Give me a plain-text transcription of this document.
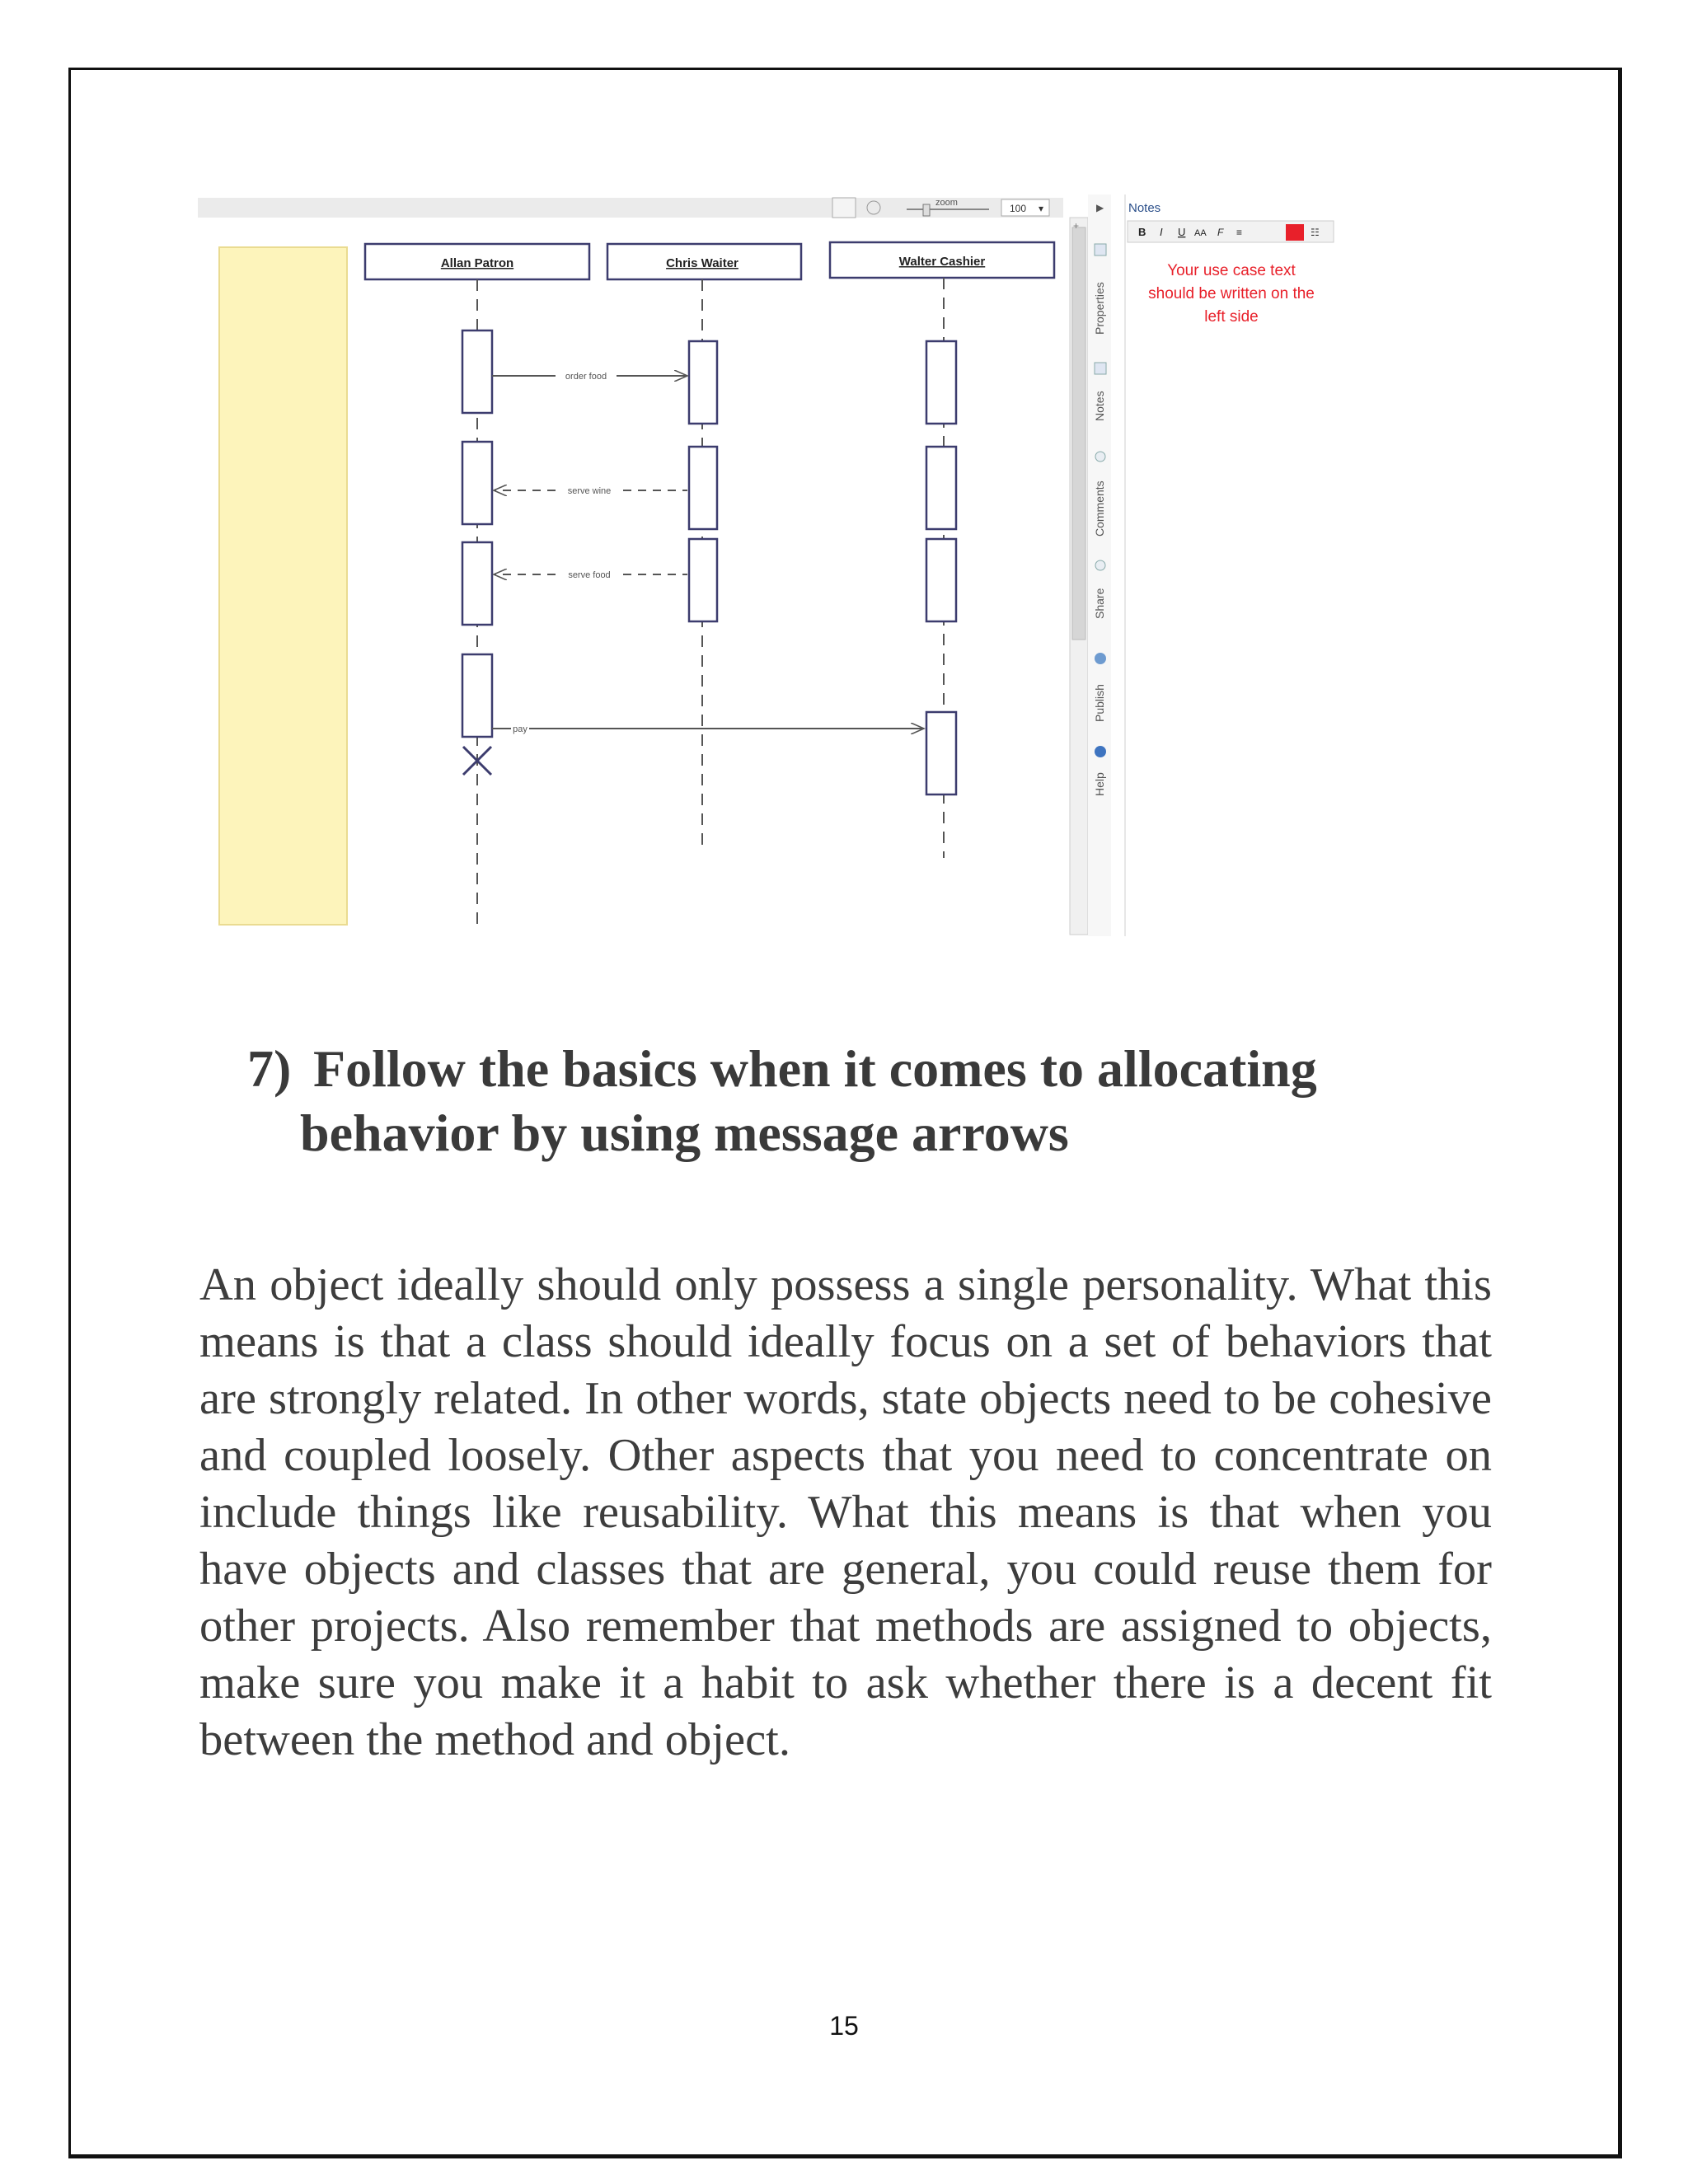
zoom	100 ▾
Allan Patron	Chris Waiter	Walter Cashier
order food
serve wine
serve food
pay
+
▶
Properties
Notes
Comments
Share
Publish
Help
Notes
B I U AA F ≡	☷
Your use case text
should be written on the
left side
7) Follow the basics when it comes to allocating
behavior by using message arrows

An object ideally should only possess a single personality. What this means is that a class should ideally focus on a set of behaviors that are strongly related. In other words, state objects need to be cohesive and coupled loosely. Other aspects that you need to concentrate on include things like reusability. What this means is that when you have objects and classes that are general, you could reuse them for other projects. Also remember that methods are assigned to objects, make sure you make it a habit to ask whether there is a decent fit between the method and object.

15
